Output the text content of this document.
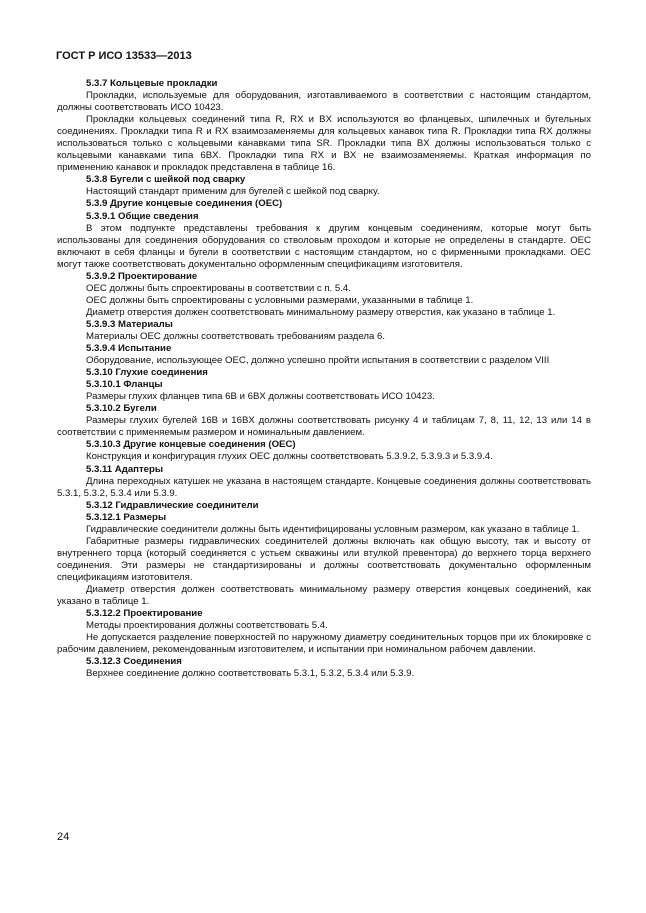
ГОСТ Р ИСО 13533—2013

5.3.7 Кольцевые прокладки

Прокладки, используемые для оборудования, изготавливаемого в соответствии с настоящим стандартом, должны соответствовать ИСО 10423.

Прокладки кольцевых соединений типа R, RX и BX используются во фланцевых, шпилечных и бугельных соединениях. Прокладки типа R и RX взаимозаменяемы для кольцевых канавок типа R. Прокладки типа RX должны использоваться только с кольцевыми канавками типа SR. Прокладки типа BX должны использоваться только с кольцевыми канавками типа 6BX. Прокладки типа RX и BX не взаимозаменяемы. Краткая информация по применению канавок и прокладок представлена в таблице 16.

5.3.8 Бугели с шейкой под сварку

Настоящий стандарт применим для бугелей с шейкой под сварку.

5.3.9 Другие концевые соединения (OEC)

5.3.9.1 Общие сведения

В этом подпункте представлены требования к другим концевым соединениям, которые могут быть использованы для соединения оборудования со стволовым проходом и которые не определены в стандарте. OEC включают в себя фланцы и бугели в соответствии с настоящим стандартом, но с фирменными прокладками. OEC могут также соответствовать документально оформленным спецификациям изготовителя.

5.3.9.2 Проектирование

OEC должны быть спроектированы в соответствии с п. 5.4.

OEC должны быть спроектированы с условными размерами, указанными в таблице 1.

Диаметр отверстия должен соответствовать минимальному размеру отверстия, как указано в таблице 1.

5.3.9.3 Материалы

Материалы OEC должны соответствовать требованиям раздела 6.

5.3.9.4 Испытание

Оборудование, использующее OEC, должно успешно пройти испытания в соответствии с разделом VIII

5.3.10 Глухие соединения

5.3.10.1 Фланцы

Размеры глухих фланцев типа 6B и 6BX должны соответствовать ИСО 10423.

5.3.10.2 Бугели

Размеры глухих бугелей 16B и 16BX должны соответствовать рисунку 4 и таблицам 7, 8, 11, 12, 13 или 14 в соответствии с применяемым размером и номинальным давлением.

5.3.10.3 Другие концевые соединения (OEC)

Конструкция и конфигурация глухих OEC должны соответствовать 5.3.9.2, 5.3.9.3 и 5.3.9.4.

5.3.11 Адаптеры

Длина переходных катушек не указана в настоящем стандарте. Концевые соединения должны соответствовать 5.3.1, 5.3.2, 5.3.4 или 5.3.9.

5.3.12 Гидравлические соединители

5.3.12.1 Размеры

Гидравлические соединители должны быть идентифицированы условным размером, как указано в таблице 1.

Габаритные размеры гидравлических соединителей должны включать как общую высоту, так и высоту от внутреннего торца (который соединяется с устьем скважины или втулкой превентора) до верхнего торца верхнего соединения. Эти размеры не стандартизированы и должны соответствовать документально оформленным спецификациям изготовителя.

Диаметр отверстия должен соответствовать минимальному размеру отверстия концевых соединений, как указано в таблице 1.

5.3.12.2 Проектирование

Методы проектирования должны соответствовать 5.4.

Не допускается разделение поверхностей по наружному диаметру соединительных торцов при их блокировке с рабочим давлением, рекомендованным изготовителем, и испытании при номинальном рабочем давлении.

5.3.12.3 Соединения

Верхнее соединение должно соответствовать 5.3.1, 5.3.2, 5.3.4 или 5.3.9.

24
